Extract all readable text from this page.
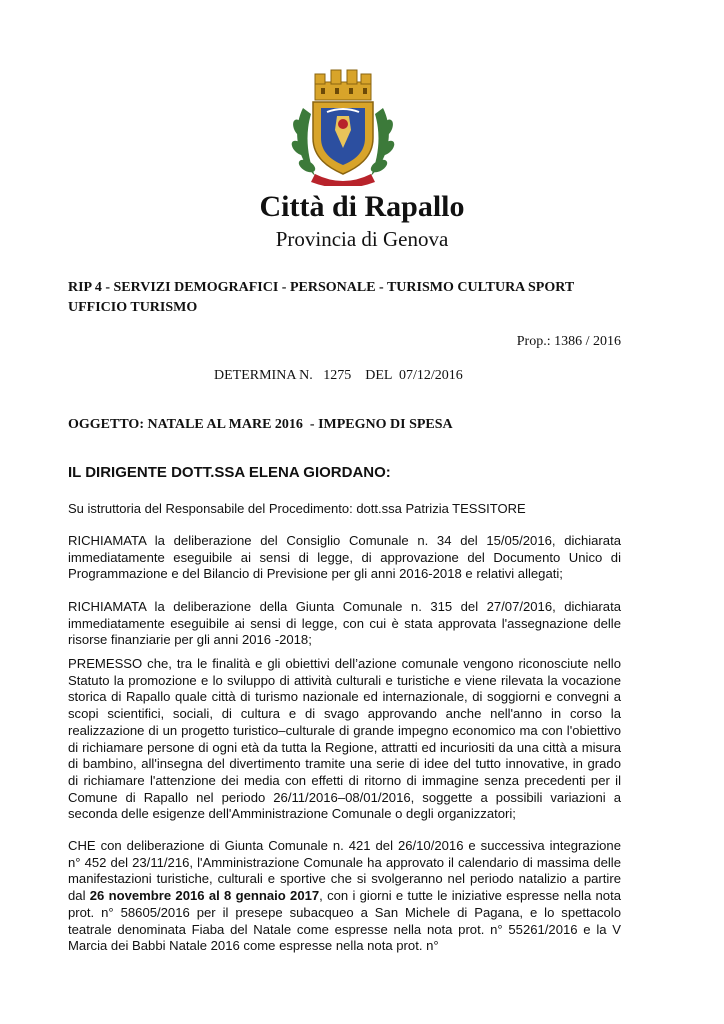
Città di Rapallo
Provincia di Genova
RIP 4 - SERVIZI DEMOGRAFICI - PERSONALE - TURISMO CULTURA SPORT
UFFICIO TURISMO
Prop.: 1386 / 2016
DETERMINA N.   1275    DEL  07/12/2016
OGGETTO: NATALE AL MARE 2016  - IMPEGNO DI SPESA
IL DIRIGENTE DOTT.SSA ELENA GIORDANO:
Su istruttoria del Responsabile del Procedimento: dott.ssa Patrizia TESSITORE

RICHIAMATA la deliberazione del Consiglio Comunale n. 34 del 15/05/2016, dichiarata immediatamente eseguibile ai sensi di legge, di approvazione del Documento Unico di Programmazione e del Bilancio di Previsione per gli anni 2016-2018 e relativi allegati;

RICHIAMATA la deliberazione della Giunta Comunale n. 315 del 27/07/2016, dichiarata immediatamente eseguibile ai sensi di legge, con cui è stata approvata l'assegnazione delle risorse finanziarie per gli anni 2016 -2018;

PREMESSO che, tra le finalità e gli obiettivi dell’azione comunale vengono riconosciute nello Statuto la promozione e lo sviluppo di attività culturali e turistiche e viene rilevata la vocazione storica di Rapallo quale città di turismo nazionale ed internazionale, di soggiorni e convegni a scopi scientifici, sociali, di cultura e di svago approvando anche nell'anno in corso la realizzazione di un progetto turistico–culturale di grande impegno economico ma con l'obiettivo di richiamare persone di ogni età da tutta la Regione, attratti ed incuriositi da una città a misura di bambino, all'insegna del divertimento tramite una serie di idee del tutto innovative, in grado di richiamare l'attenzione dei media con effetti di ritorno di immagine senza precedenti per il Comune di Rapallo nel periodo 26/11/2016–08/01/2016, soggette a possibili variazioni a seconda delle esigenze dell'Amministrazione Comunale o degli organizzatori;

CHE con deliberazione di Giunta Comunale n. 421 del 26/10/2016 e successiva integrazione n° 452 del 23/11/216, l'Amministrazione Comunale ha approvato il calendario di massima delle manifestazioni turistiche, culturali e sportive che si svolgeranno nel periodo natalizio a partire dal 26 novembre 2016 al 8 gennaio 2017, con i giorni e tutte le iniziative espresse nella nota prot. n° 58605/2016 per il presepe subacqueo a San Michele di Pagana, e lo spettacolo teatrale denominata Fiaba del Natale come espresse nella nota prot. n° 55261/2016 e la V Marcia dei Babbi Natale 2016 come espresse nella nota prot. n°
